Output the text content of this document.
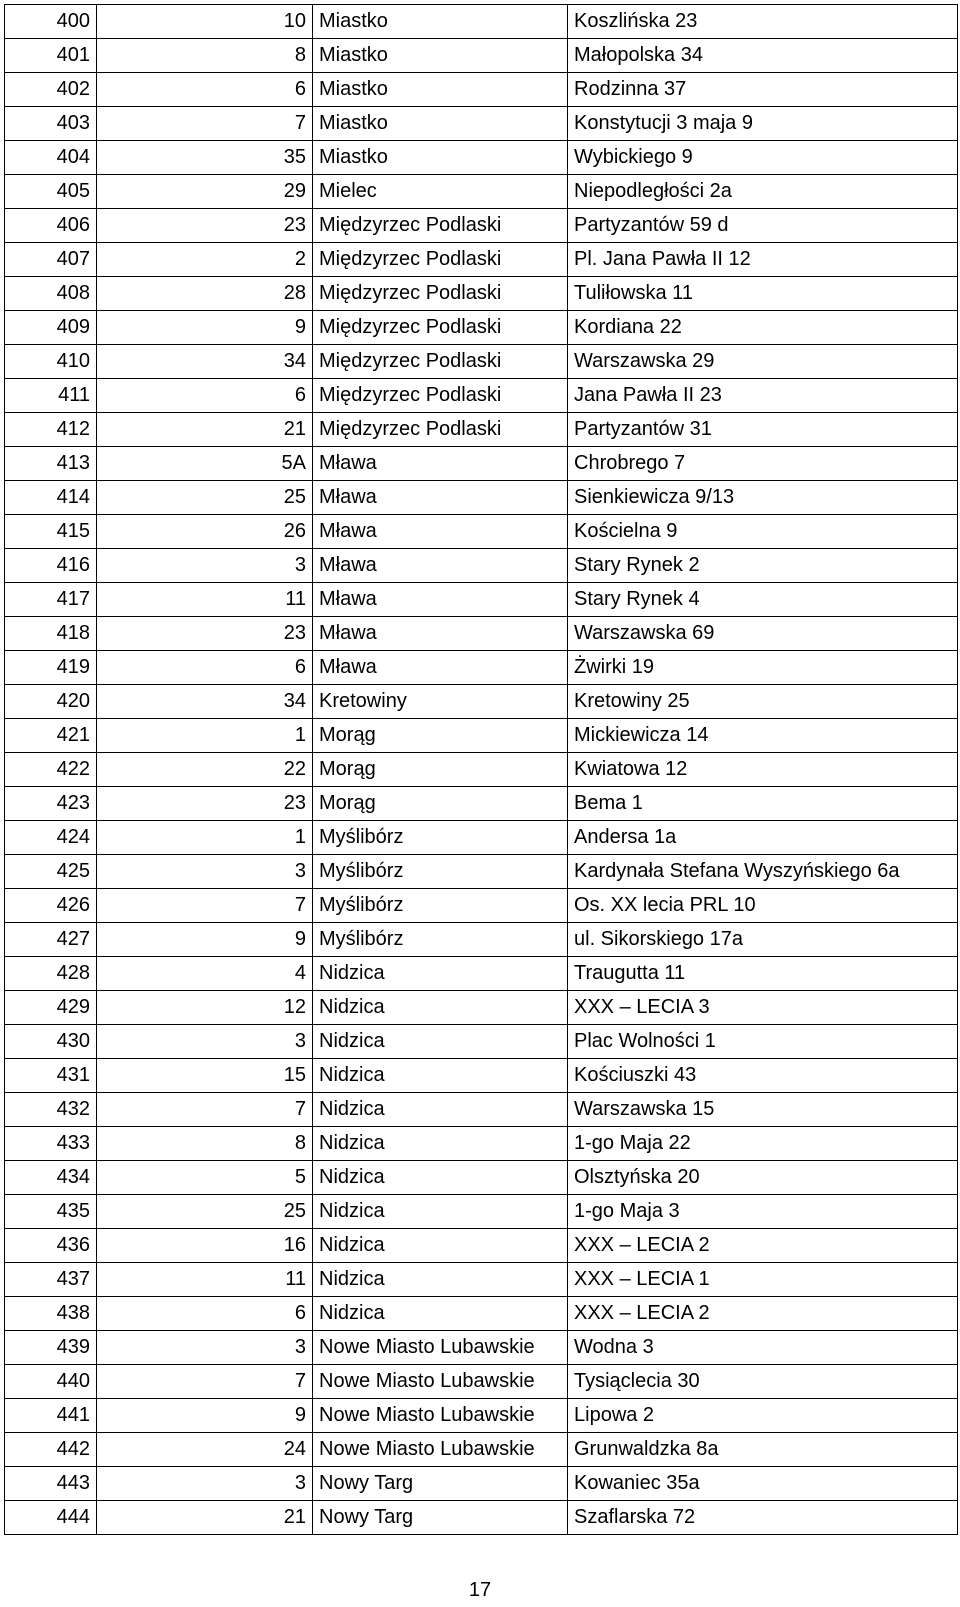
400	10	Miastko	Koszlińska 23
401	8	Miastko	Małopolska 34
402	6	Miastko	Rodzinna 37
403	7	Miastko	Konstytucji 3 maja 9
404	35	Miastko	Wybickiego 9
405	29	Mielec	Niepodległości 2a
406	23	Międzyrzec Podlaski	Partyzantów 59 d
407	2	Międzyrzec Podlaski	Pl. Jana Pawła II 12
408	28	Międzyrzec Podlaski	Tuliłowska 11
409	9	Międzyrzec Podlaski	Kordiana 22
410	34	Międzyrzec Podlaski	Warszawska 29
411	6	Międzyrzec Podlaski	Jana Pawła II 23
412	21	Międzyrzec Podlaski	Partyzantów 31
413	5A	Mława	Chrobrego 7
414	25	Mława	Sienkiewicza 9/13
415	26	Mława	Kościelna 9
416	3	Mława	Stary Rynek 2
417	11	Mława	Stary Rynek 4
418	23	Mława	Warszawska 69
419	6	Mława	Żwirki 19
420	34	Kretowiny	Kretowiny 25
421	1	Morąg	Mickiewicza 14
422	22	Morąg	Kwiatowa 12
423	23	Morąg	Bema 1
424	1	Myślibórz	Andersa 1a
425	3	Myślibórz	Kardynała Stefana Wyszyńskiego 6a
426	7	Myślibórz	Os. XX lecia PRL 10
427	9	Myślibórz	ul. Sikorskiego 17a
428	4	Nidzica	Traugutta 11
429	12	Nidzica	XXX – LECIA 3
430	3	Nidzica	Plac Wolności 1
431	15	Nidzica	Kościuszki 43
432	7	Nidzica	Warszawska 15
433	8	Nidzica	1-go Maja 22
434	5	Nidzica	Olsztyńska 20
435	25	Nidzica	1-go Maja 3
436	16	Nidzica	XXX – LECIA 2
437	11	Nidzica	XXX – LECIA 1
438	6	Nidzica	XXX – LECIA 2
439	3	Nowe Miasto Lubawskie	Wodna 3
440	7	Nowe Miasto Lubawskie	Tysiąclecia 30
441	9	Nowe Miasto Lubawskie	Lipowa 2
442	24	Nowe Miasto Lubawskie	Grunwaldzka 8a
443	3	Nowy Targ	Kowaniec 35a
444	21	Nowy Targ	Szaflarska 72
17
